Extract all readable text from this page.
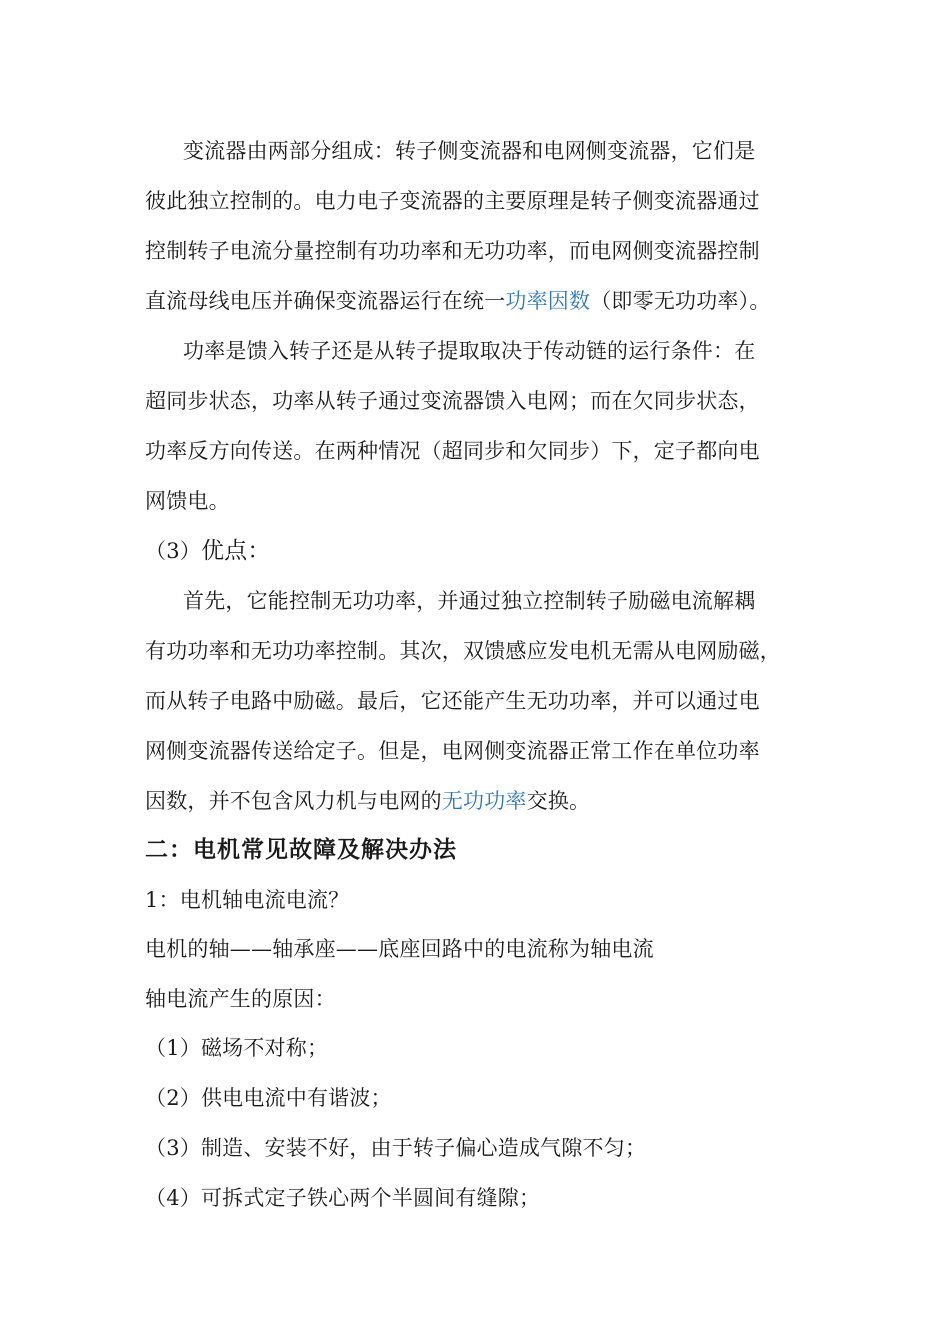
变流器由两部分组成：转子侧变流器和电网侧变流器，它们是
彼此独立控制的。电力电子变流器的主要原理是转子侧变流器通过
控制转子电流分量控制有功功率和无功功率，而电网侧变流器控制
直流母线电压并确保变流器运行在统一功率因数（即零无功功率）。
功率是馈入转子还是从转子提取取决于传动链的运行条件：在
超同步状态，功率从转子通过变流器馈入电网；而在欠同步状态，
功率反方向传送。在两种情况（超同步和欠同步）下，定子都向电
网馈电。
（3）优点：
首先，它能控制无功功率，并通过独立控制转子励磁电流解耦
有功功率和无功功率控制。其次，双馈感应发电机无需从电网励磁，
而从转子电路中励磁。最后，它还能产生无功功率，并可以通过电
网侧变流器传送给定子。但是，电网侧变流器正常工作在单位功率
因数，并不包含风力机与电网的无功功率交换。
二：电机常见故障及解决办法
1：电机轴电流电流？
电机的轴——轴承座——底座回路中的电流称为轴电流
轴电流产生的原因：
（1）磁场不对称；
（2）供电电流中有谐波；
（3）制造、安装不好，由于转子偏心造成气隙不匀；
（4）可拆式定子铁心两个半圆间有缝隙；
